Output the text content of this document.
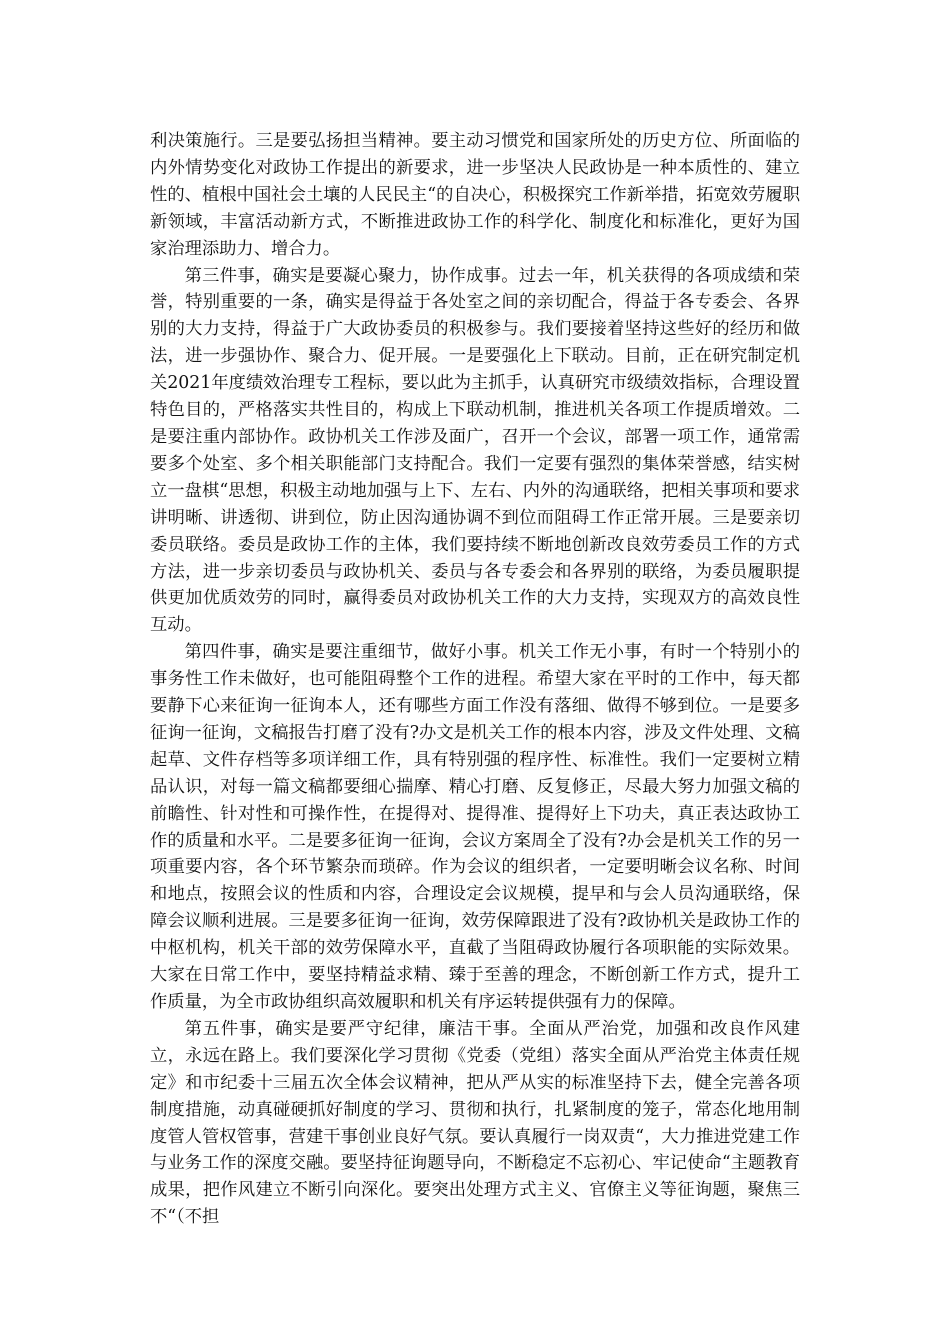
利决策施行。三是要弘扬担当精神。要主动习惯党和国家所处的历史方位、所面临的内外情势变化对政协工作提出的新要求，进一步坚决人民政协是一种本质性的、建立性的、植根中国社会土壤的人民民主“的自决心，积极探究工作新举措，拓宽效劳履职新领域，丰富活动新方式，不断推进政协工作的科学化、制度化和标准化，更好为国家治理添助力、增合力。

第三件事，确实是要凝心聚力，协作成事。过去一年，机关获得的各项成绩和荣誉，特别重要的一条，确实是得益于各处室之间的亲切配合，得益于各专委会、各界别的大力支持，得益于广大政协委员的积极参与。我们要接着坚持这些好的经历和做法，进一步强协作、聚合力、促开展。一是要强化上下联动。目前，正在研究制定机关2021年度绩效治理专工程标，要以此为主抓手，认真研究市级绩效指标，合理设置特色目的，严格落实共性目的，构成上下联动机制，推进机关各项工作提质增效。二是要注重内部协作。政协机关工作涉及面广，召开一个会议，部署一项工作，通常需要多个处室、多个相关职能部门支持配合。我们一定要有强烈的集体荣誉感，结实树立一盘棋“思想，积极主动地加强与上下、左右、内外的沟通联络，把相关事项和要求讲明晰、讲透彻、讲到位，防止因沟通协调不到位而阻碍工作正常开展。三是要亲切委员联络。委员是政协工作的主体，我们要持续不断地创新改良效劳委员工作的方式方法，进一步亲切委员与政协机关、委员与各专委会和各界别的联络，为委员履职提供更加优质效劳的同时，赢得委员对政协机关工作的大力支持，实现双方的高效良性互动。

第四件事，确实是要注重细节，做好小事。机关工作无小事，有时一个特别小的事务性工作未做好，也可能阻碍整个工作的进程。希望大家在平时的工作中，每天都要静下心来征询一征询本人，还有哪些方面工作没有落细、做得不够到位。一是要多征询一征询，文稿报告打磨了没有?办文是机关工作的根本内容，涉及文件处理、文稿起草、文件存档等多项详细工作，具有特别强的程序性、标准性。我们一定要树立精品认识，对每一篇文稿都要细心揣摩、精心打磨、反复修正，尽最大努力加强文稿的前瞻性、针对性和可操作性，在提得对、提得准、提得好上下功夫，真正表达政协工作的质量和水平。二是要多征询一征询，会议方案周全了没有?办会是机关工作的另一项重要内容，各个环节繁杂而琐碎。作为会议的组织者，一定要明晰会议名称、时间和地点，按照会议的性质和内容，合理设定会议规模，提早和与会人员沟通联络，保障会议顺利进展。三是要多征询一征询，效劳保障跟进了没有?政协机关是政协工作的中枢机构，机关干部的效劳保障水平，直截了当阻碍政协履行各项职能的实际效果。大家在日常工作中，要坚持精益求精、臻于至善的理念，不断创新工作方式，提升工作质量，为全市政协组织高效履职和机关有序运转提供强有力的保障。

第五件事，确实是要严守纪律，廉洁干事。全面从严治党，加强和改良作风建立，永远在路上。我们要深化学习贯彻《党委（党组）落实全面从严治党主体责任规定》和市纪委十三届五次全体会议精神，把从严从实的标准坚持下去，健全完善各项制度措施，动真碰硬抓好制度的学习、贯彻和执行，扎紧制度的笼子，常态化地用制度管人管权管事，营建干事创业良好气氛。要认真履行一岗双责“，大力推进党建工作与业务工作的深度交融。要坚持征询题导向，不断稳定不忘初心、牢记使命“主题教育成果，把作风建立不断引向深化。要突出处理方式主义、官僚主义等征询题，聚焦三不“（不担
